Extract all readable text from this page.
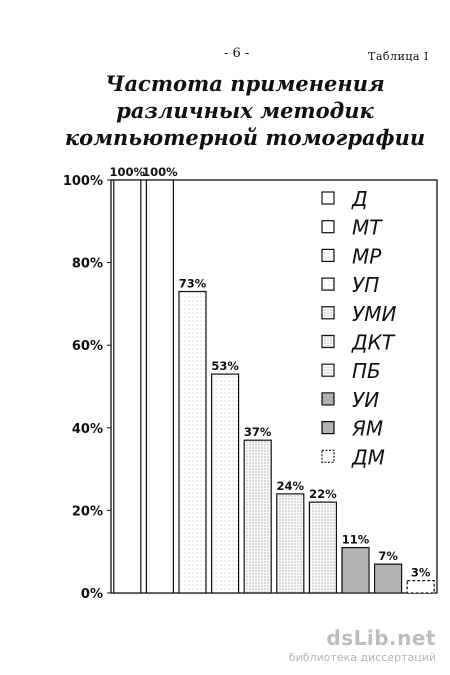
- 6 -	Таблица I
Частота применения
различных методик
компьютерной томографии
100%
80%
60%
40%
20%
0%
100%
100%
73%
53%
37%
24%
22%
11%
7%
3%
Д
МТ
МР
УП
УМИ
ДКТ
ПБ
УИ
ЯМ
ДМ
dsLib.net
библиотека диссертаций
